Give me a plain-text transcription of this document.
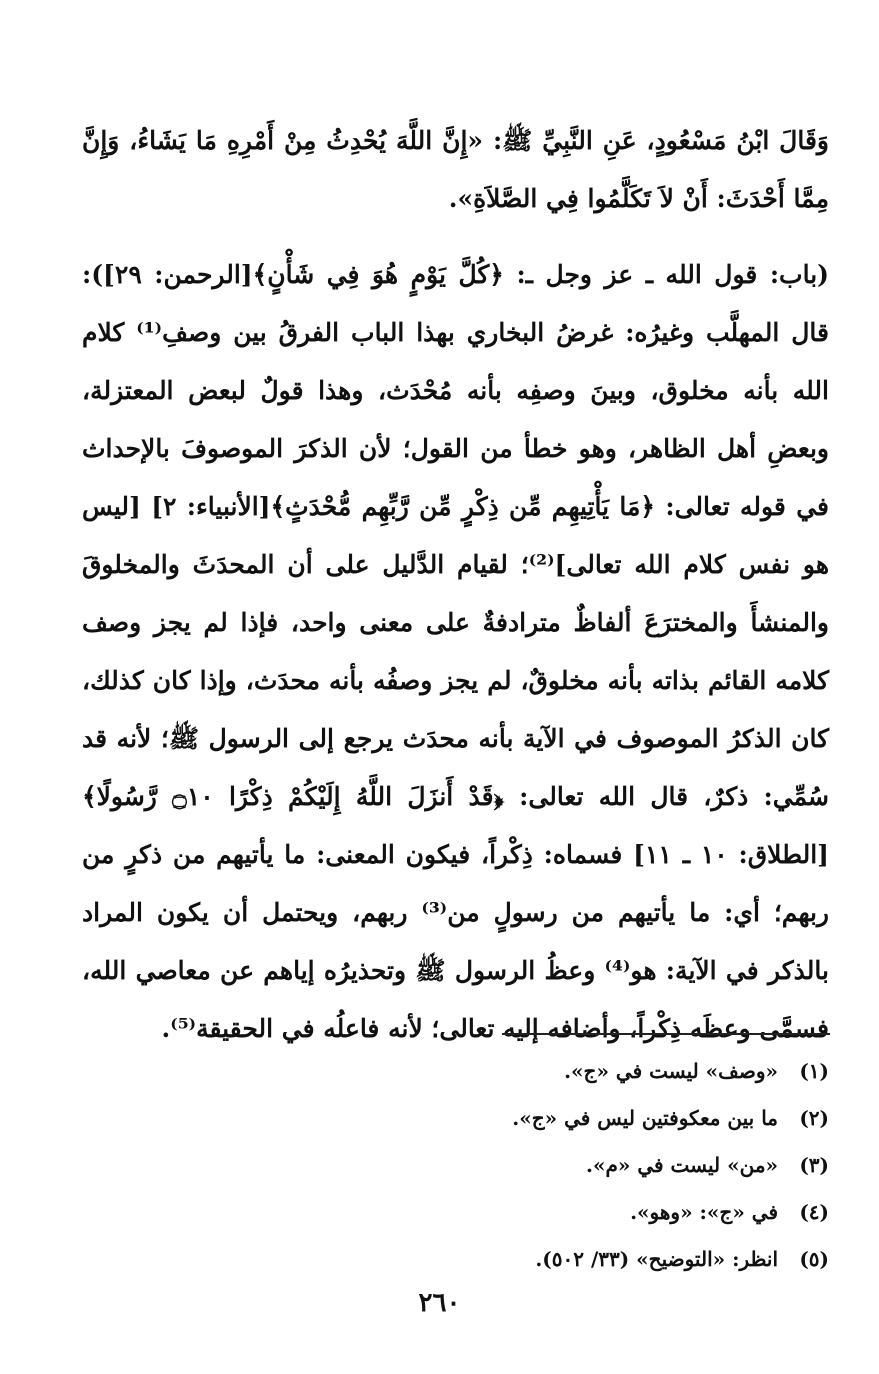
وَقَالَ ابْنُ مَسْعُودٍ، عَنِ النَّبِيِّ ﷺ: «إِنَّ اللَّهَ يُحْدِثُ مِنْ أَمْرِهِ مَا يَشَاءُ، وَإِنَّ مِمَّا أَحْدَثَ: أَنْ لاَ تَكَلَّمُوا فِي الصَّلاَةِ».

(باب: قول الله ـ عز وجل ـ: ﴿كُلَّ يَوْمٍ هُوَ فِي شَأْنٍ﴾[الرحمن: ٢٩]): قال المهلَّب وغيرُه: غرضُ البخاري بهذا الباب الفرقُ بين وصفِ⁽¹⁾ كلام الله بأنه مخلوق، وبينَ وصفِه بأنه مُحْدَث، وهذا قولٌ لبعض المعتزلة، وبعضِ أهل الظاهر، وهو خطأ من القول؛ لأن الذكرَ الموصوفَ بالإحداث في قوله تعالى: ﴿مَا يَأْتِيهِم مِّن ذِكْرٍ مِّن رَّبِّهِم مُّحْدَثٍ﴾[الأنبياء: ٢] [ليس هو نفس كلام الله تعالى]⁽²⁾؛ لقيام الدَّليل على أن المحدَثَ والمخلوقَ والمنشأَ والمخترَعَ ألفاظٌ مترادفةٌ على معنى واحد، فإذا لم يجز وصف كلامه القائم بذاته بأنه مخلوقٌ، لم يجز وصفُه بأنه محدَث، وإذا كان كذلك، كان الذكرُ الموصوف في الآية بأنه محدَث يرجع إلى الرسول ﷺ؛ لأنه قد سُمِّي: ذكرٌ، قال الله تعالى: ﴿قَدْ أَنزَلَ اللَّهُ إِلَيْكُمْ ذِكْرًا ۝١٠ رَّسُولًا﴾[الطلاق: ١٠ ـ ١١] فسماه: ذِكْراً، فيكون المعنى: ما يأتيهم من ذكرٍ من ربهم؛ أي: ما يأتيهم من رسولٍ من⁽³⁾ ربهم، ويحتمل أن يكون المراد بالذكر في الآية: هو⁽⁴⁾ وعظُ الرسول ﷺ وتحذيرُه إياهم عن معاصي الله، فسمَّى وعظَه ذِكْراً، وأضافه إليه تعالى؛ لأنه فاعلُه في الحقيقة⁽⁵⁾.

(١) «وصف» ليست في «ج».
(٢) ما بين معكوفتين ليس في «ج».
(٣) «من» ليست في «م».
(٤) في «ج»: «وهو».
(٥) انظر: «التوضيح» (٣٣/ ٥٠٢).
٢٦٠
